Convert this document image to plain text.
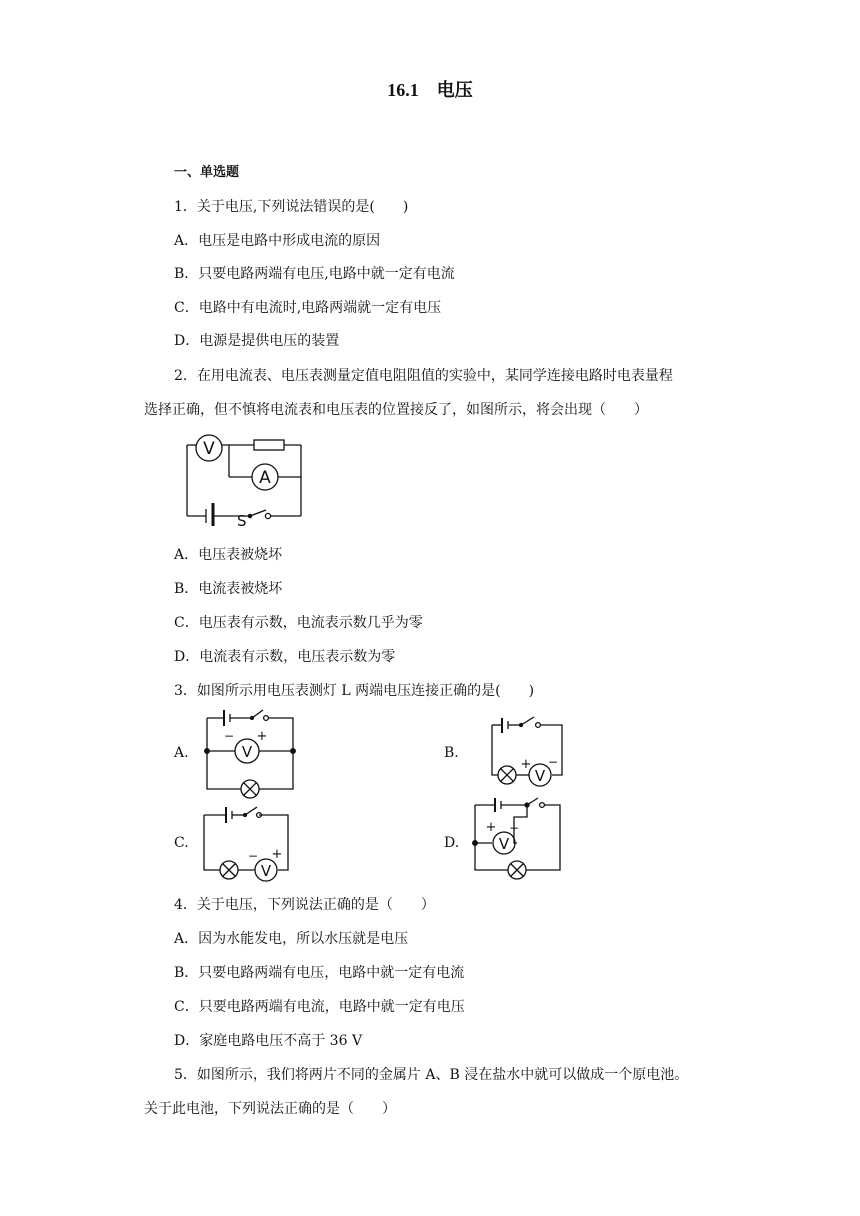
16.1 电压
一、单选题
1．关于电压,下列说法错误的是(　　)
A．电压是电路中形成电流的原因
B．只要电路两端有电压,电路中就一定有电流
C．电路中有电流时,电路两端就一定有电压
D．电源是提供电压的装置
2．在用电流表、电压表测量定值电阻阻值的实验中，某同学连接电路时电表量程
选择正确，但不慎将电流表和电压表的位置接反了，如图所示，将会出现（　　）
V
A
S
A．电压表被烧坏
B．电流表被烧坏
C．电压表有示数，电流表示数几乎为零
D．电流表有示数，电压表示数为零
3．如图所示用电压表测灯 L 两端电压连接正确的是(　　)
A.	V
− +
B.
V
+ −
C.
V
− +
D.	V
+ −
4．关于电压，下列说法正确的是（　　）
A．因为水能发电，所以水压就是电压
B．只要电路两端有电压，电路中就一定有电流
C．只要电路两端有电流，电路中就一定有电压
D．家庭电路电压不高于 36 V
5．如图所示，我们将两片不同的金属片 A、B 浸在盐水中就可以做成一个原电池。
关于此电池，下列说法正确的是（　　）
